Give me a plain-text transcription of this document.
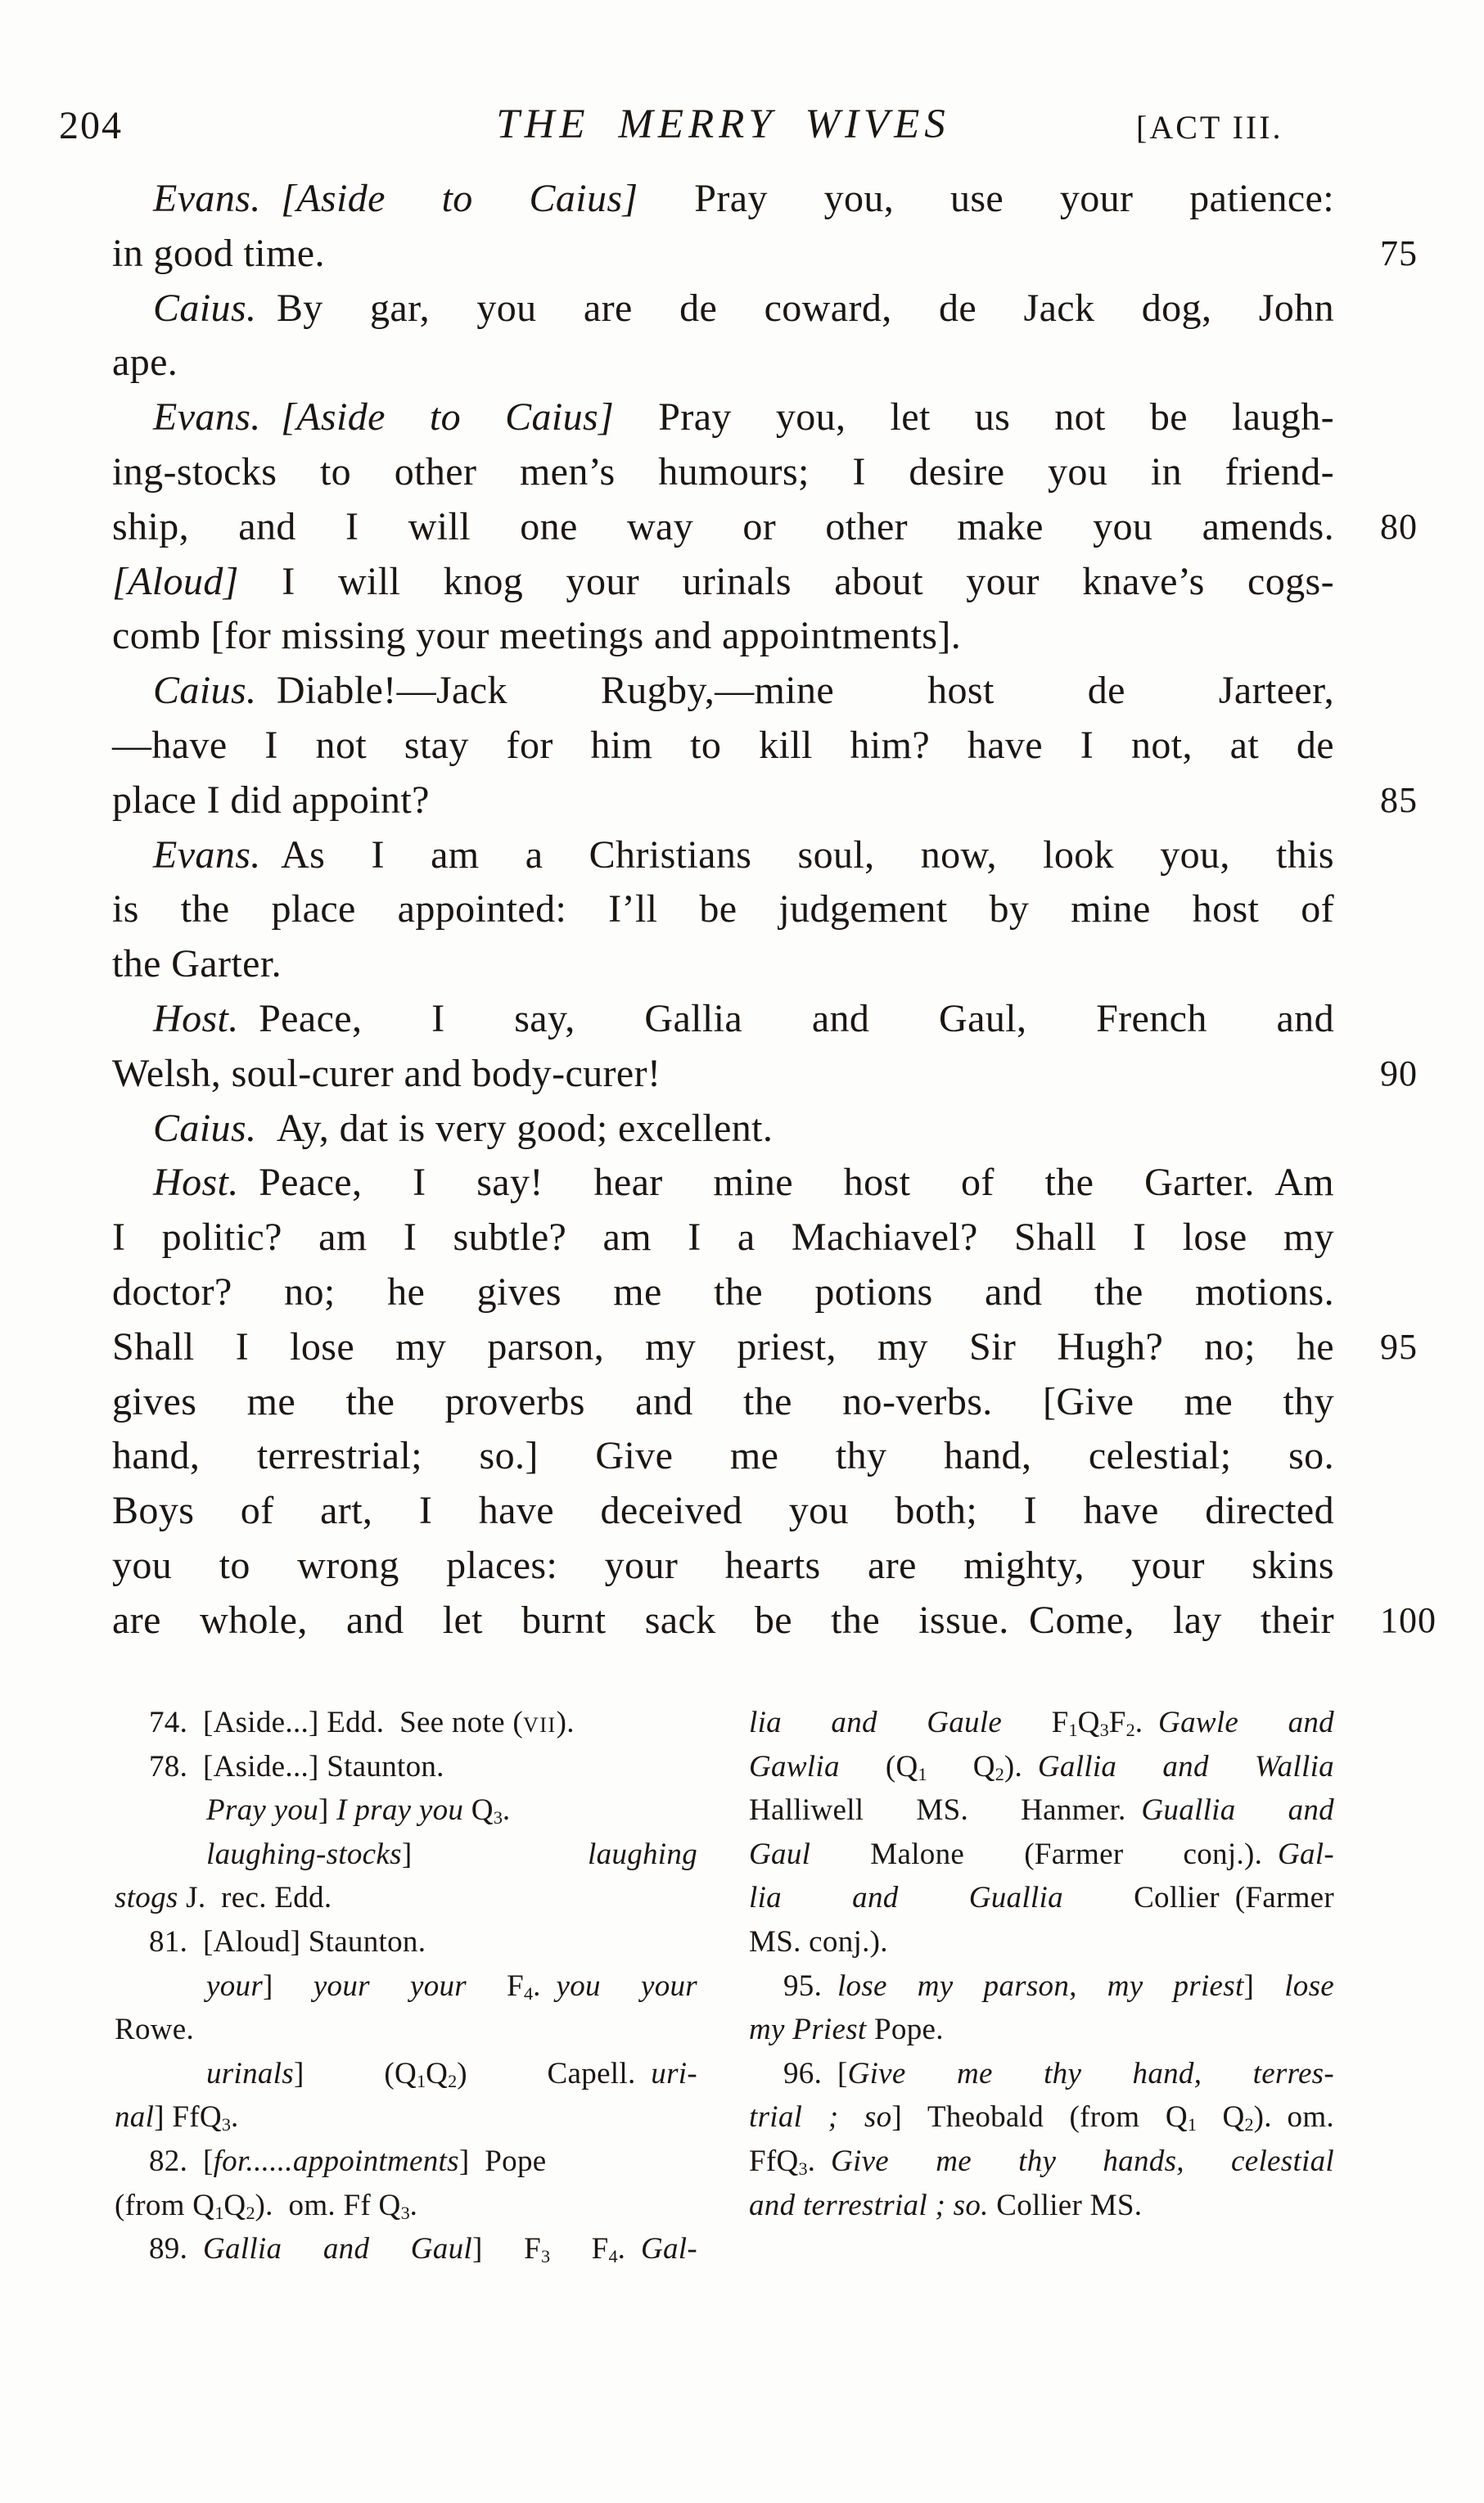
204	THE MERRY WIVES	[ACT III.
Evans.  [Aside to Caius] Pray you, use your patience:
in good time.	75
Caius. By gar, you are de coward, de Jack dog, John
ape.
Evans.  [Aside to Caius] Pray you, let us not be laugh-
ing-stocks to other men’s humours; I desire you in friend-
ship, and I will one way or other make you amends. 80
[Aloud] I will knog your urinals about your knave’s cogs-
comb [for missing your meetings and appointments].
Caius. Diable!—Jack Rugby,—mine host de Jarteer,
—have I not stay for him to kill him? have I not, at de
place I did appoint?	85
Evans. As I am a Christians soul, now, look you, this
is the place appointed: I’ll be judgement by mine host of
the Garter.
Host. Peace, I say, Gallia and Gaul, French and
Welsh, soul-curer and body-curer!	90
Caius. Ay, dat is very good; excellent.
Host. Peace, I say! hear mine host of the Garter. Am
I politic? am I subtle? am I a Machiavel? Shall I lose my
doctor? no; he gives me the potions and the motions.
Shall I lose my parson, my priest, my Sir Hugh? no; he 95
gives me the proverbs and the no-verbs. [Give me thy
hand, terrestrial; so.] Give me thy hand, celestial; so.
Boys of art, I have deceived you both; I have directed
you to wrong places: your hearts are mighty, your skins
are whole, and let burnt sack be the issue. Come, lay their 100
74. [Aside...] Edd. See note (vii).
78. [Aside...] Staunton.
Pray you] I pray you $Q_3$.
laughing-stocks] laughing
stogs J. rec. Edd.
81. [Aloud] Staunton.
your] your your $F_4$. you your
Rowe.
urinals] $(Q_1Q_2)$ Capell. uri-
nal] FfQ$_3$.
82. [for......appointments] Pope
(from $Q_1Q_2$). om. Ff $Q_3$.
89. Gallia and Gaul] $F_3$ $F_4$. Gal-
lia and Gaule $F_1Q_3F_2$. Gawle and
Gawlia ($Q_1$ $Q_2$). Gallia and Wallia
Halliwell MS. Hanmer. Guallia and
Gaul Malone (Farmer conj.). Gal-
lia and Guallia Collier (Farmer
MS. conj.).
95. lose my parson, my priest] lose
my Priest Pope.
96. [Give me thy hand, terres-
trial ; so] Theobald (from $Q_1$ $Q_2$). om.
FfQ$_3$. Give me thy hands, celestial
and terrestrial ; so. Collier MS.
